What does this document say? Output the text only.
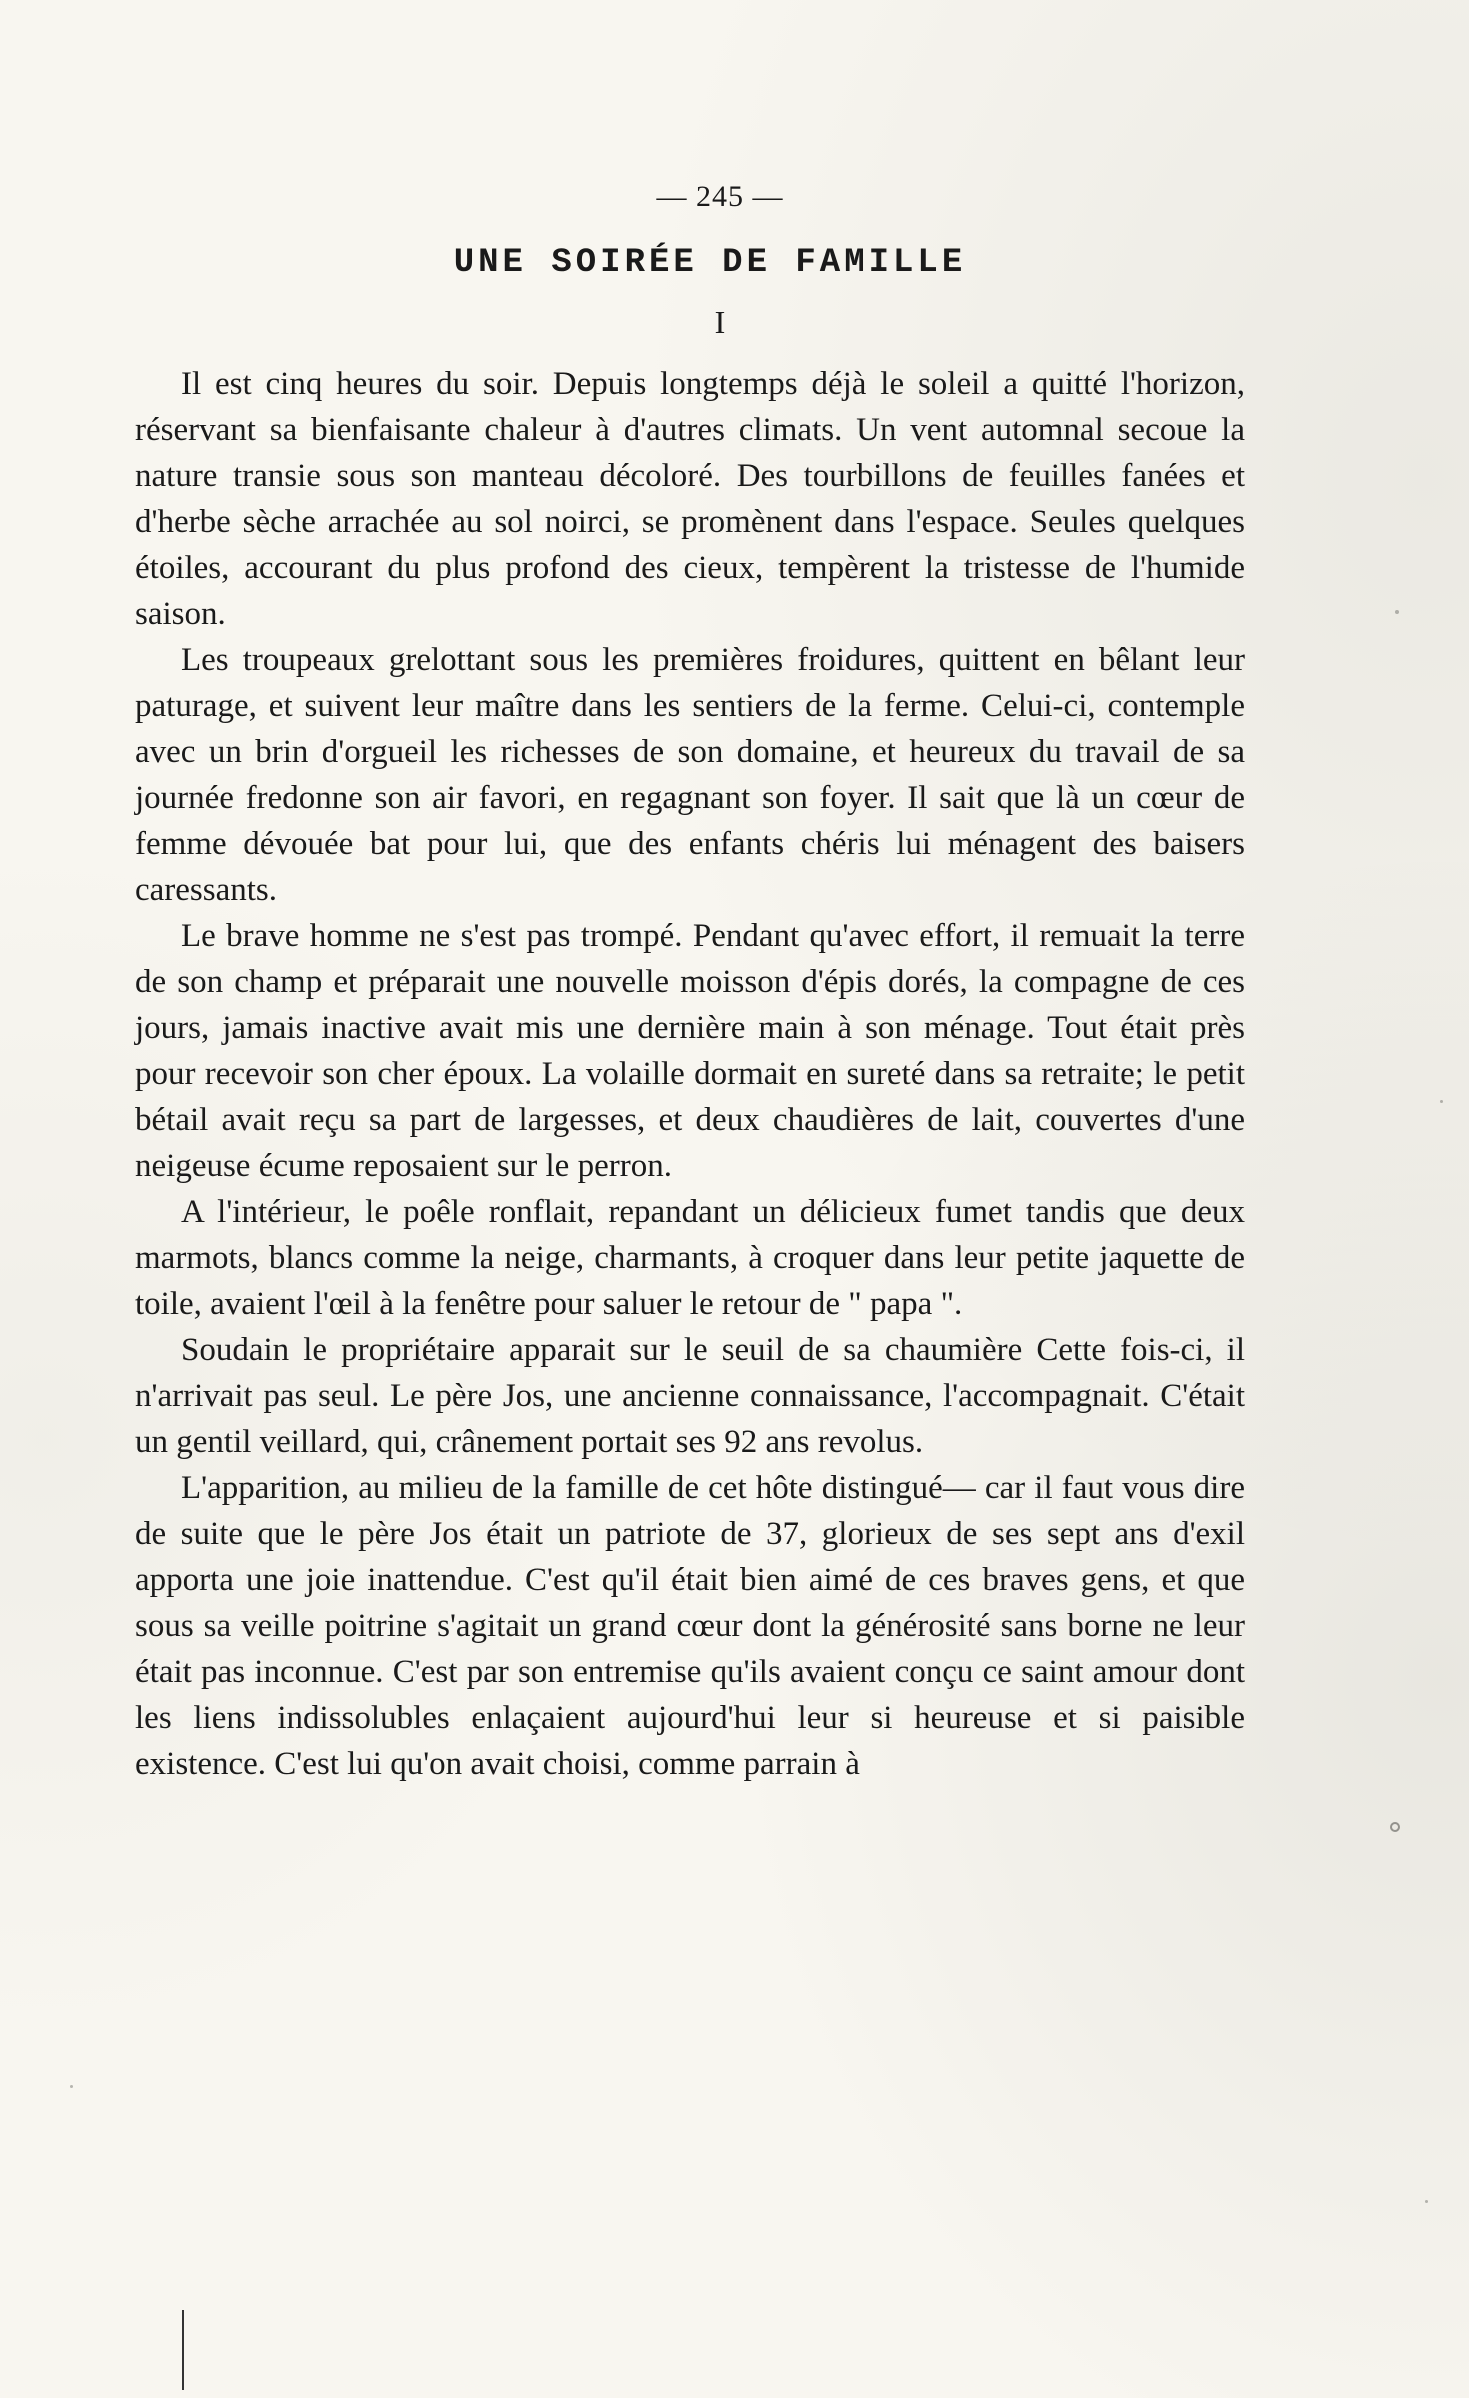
— 245 —
UNE SOIRÉE DE FAMILLE
I

Il est cinq heures du soir. Depuis longtemps déjà le soleil a quitté l'horizon, réservant sa bienfaisante chaleur à d'autres climats. Un vent automnal secoue la nature transie sous son manteau décoloré. Des tourbillons de feuilles fanées et d'herbe sèche arrachée au sol noirci, se promènent dans l'espace. Seules quelques étoiles, accourant du plus profond des cieux, tempèrent la tristesse de l'humide saison.

Les troupeaux grelottant sous les premières froidures, quittent en bêlant leur paturage, et suivent leur maître dans les sentiers de la ferme. Celui-ci, contemple avec un brin d'orgueil les richesses de son domaine, et heureux du travail de sa journée fredonne son air favori, en regagnant son foyer. Il sait que là un cœur de femme dévouée bat pour lui, que des enfants chéris lui ménagent des baisers caressants.

Le brave homme ne s'est pas trompé. Pendant qu'avec effort, il remuait la terre de son champ et préparait une nouvelle moisson d'épis dorés, la compagne de ces jours, jamais inactive avait mis une dernière main à son ménage. Tout était près pour recevoir son cher époux. La volaille dormait en sureté dans sa retraite; le petit bétail avait reçu sa part de largesses, et deux chaudières de lait, couvertes d'une neigeuse écume reposaient sur le perron.

A l'intérieur, le poêle ronflait, repandant un délicieux fumet tandis que deux marmots, blancs comme la neige, charmants, à croquer dans leur petite jaquette de toile, avaient l'œil à la fenêtre pour saluer le retour de " papa ".

Soudain le propriétaire apparait sur le seuil de sa chaumière Cette fois-ci, il n'arrivait pas seul. Le père Jos, une ancienne connaissance, l'accompagnait. C'était un gentil veillard, qui, crânement portait ses 92 ans revolus.

L'apparition, au milieu de la famille de cet hôte distingué— car il faut vous dire de suite que le père Jos était un patriote de 37, glorieux de ses sept ans d'exil apporta une joie inattendue. C'est qu'il était bien aimé de ces braves gens, et que sous sa veille poitrine s'agitait un grand cœur dont la générosité sans borne ne leur était pas inconnue. C'est par son entremise qu'ils avaient conçu ce saint amour dont les liens indissolubles enlaçaient aujourd'hui leur si heureuse et si paisible existence. C'est lui qu'on avait choisi, comme parrain à
